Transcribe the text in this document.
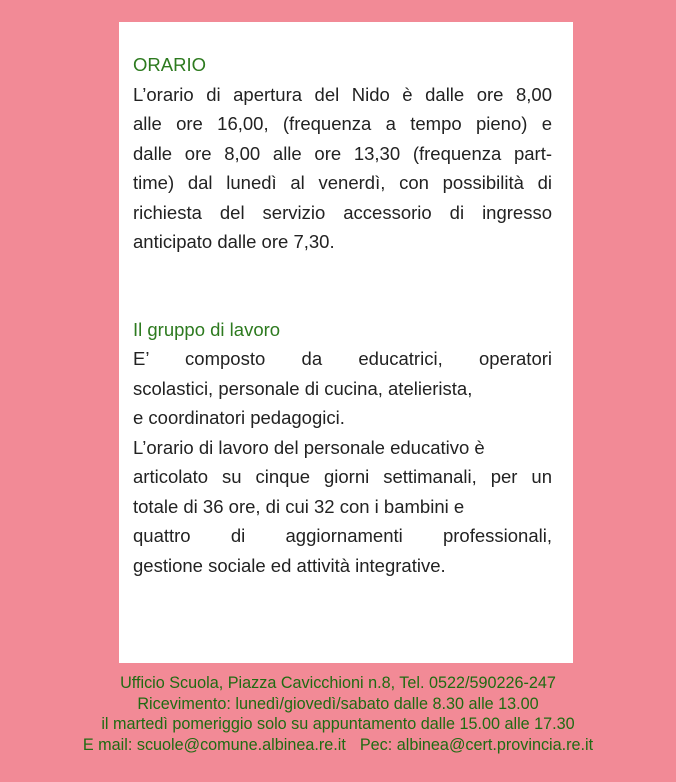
ORARIO
L’orario di apertura del Nido è dalle ore 8,00
alle ore 16,00, (frequenza a tempo pieno) e
dalle ore 8,00 alle ore 13,30 (frequenza part-
time) dal lunedì al venerdì, con possibilità di
richiesta del servizio accessorio di ingresso
anticipato dalle ore 7,30.
Il gruppo di lavoro
E’ composto da educatrici, operatori
scolastici, personale di cucina, atelierista,
e coordinatori pedagogici.
L’orario di lavoro del personale educativo è
articolato su cinque giorni settimanali, per un
totale di 36 ore, di cui 32 con i bambini e
quattro di aggiornamenti professionali,
gestione sociale ed attività integrative.
Ufficio Scuola, Piazza Cavicchioni n.8, Tel. 0522/590226-247
Ricevimento: lunedì/giovedì/sabato dalle 8.30 alle 13.00
il martedì pomeriggio solo su appuntamento dalle 15.00 alle 17.30
E mail: scuole@comune.albinea.re.it Pec: albinea@cert.provincia.re.it
